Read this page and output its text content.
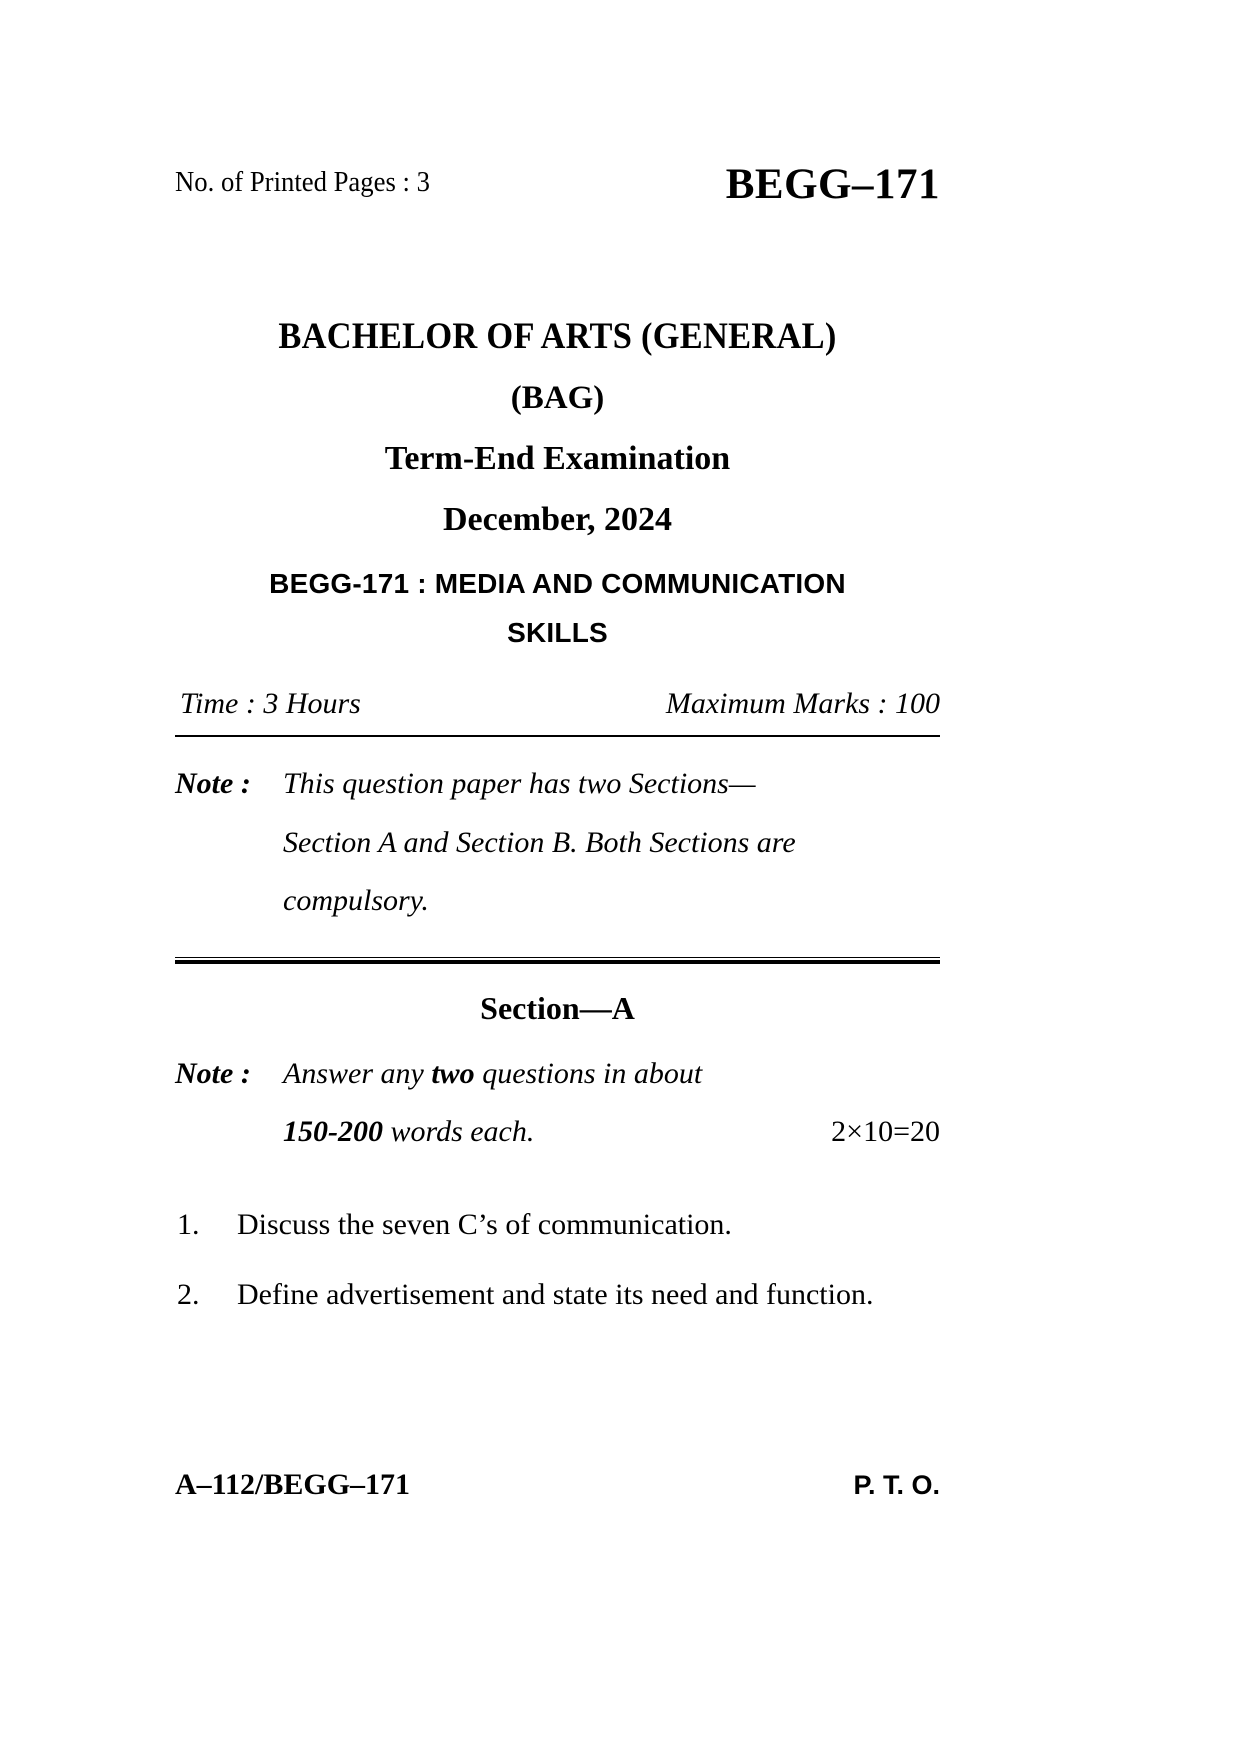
No. of Printed Pages : 3	BEGG–171
BACHELOR OF ARTS (GENERAL)
(BAG)
Term-End Examination
December, 2024
BEGG-171 : MEDIA AND COMMUNICATION
SKILLS
Time : 3 Hours	Maximum Marks : 100
Note : This question paper has two Sections—

Section A and Section B. Both Sections are

compulsory.

Section—A
Note : Answer any two questions in about

2×10=20
150-200 words each.

1. Discuss the seven C’s of communication.
2. Define advertisement and state its need and function.
A–112/BEGG–171	P. T. O.
